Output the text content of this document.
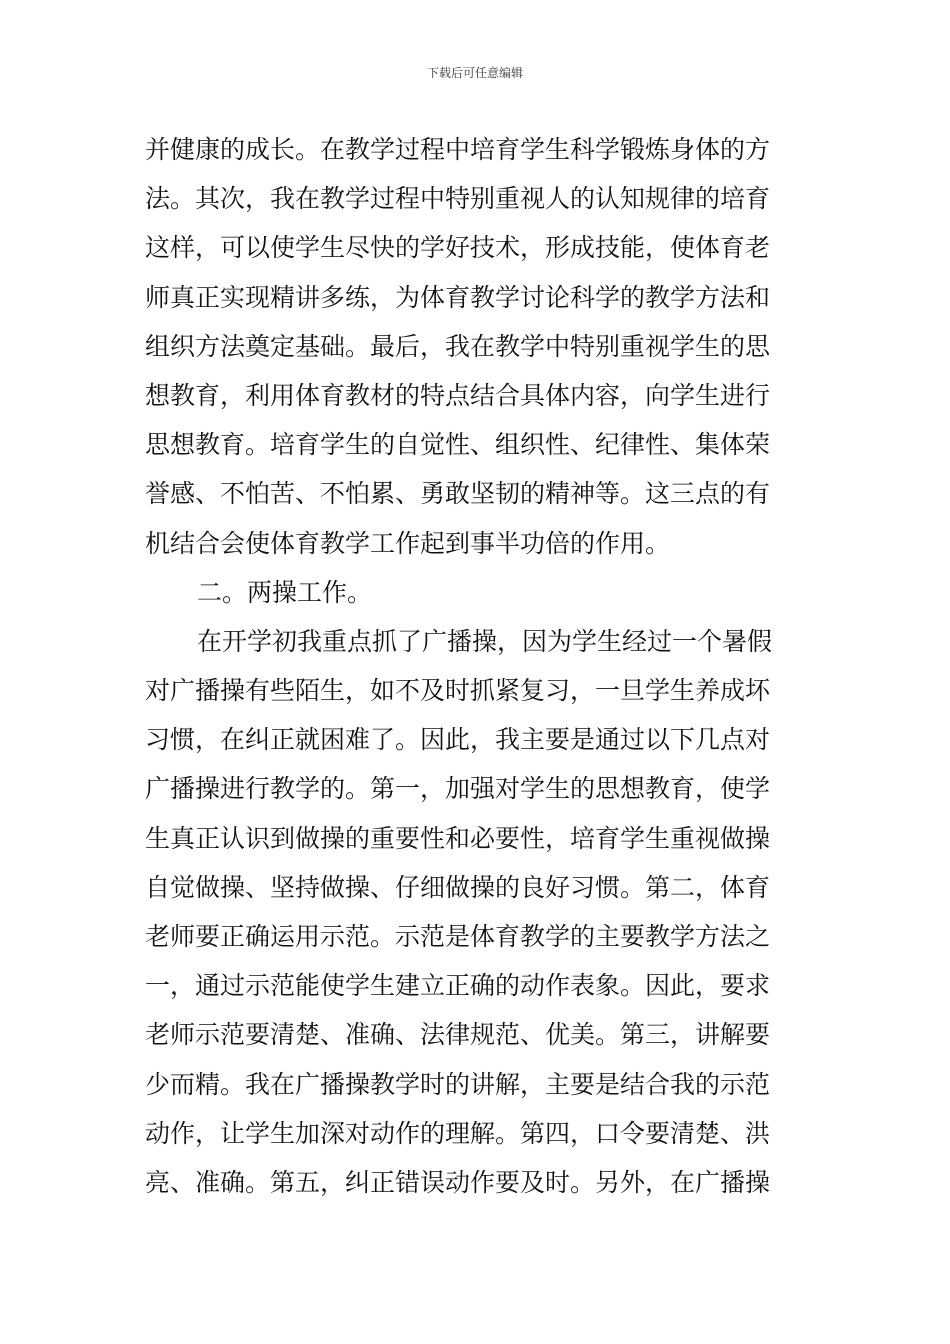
下载后可任意编辑
并健康的成长。在教学过程中培育学生科学锻炼身体的方
法。其次，我在教学过程中特别重视人的认知规律的培育
这样，可以使学生尽快的学好技术，形成技能，使体育老
师真正实现精讲多练，为体育教学讨论科学的教学方法和
组织方法奠定基础。最后，我在教学中特别重视学生的思
想教育，利用体育教材的特点结合具体内容，向学生进行
思想教育。培育学生的自觉性、组织性、纪律性、集体荣
誉感、不怕苦、不怕累、勇敢坚韧的精神等。这三点的有
机结合会使体育教学工作起到事半功倍的作用。
二。两操工作。
在开学初我重点抓了广播操，因为学生经过一个暑假
对广播操有些陌生，如不及时抓紧复习，一旦学生养成坏
习惯，在纠正就困难了。因此，我主要是通过以下几点对
广播操进行教学的。第一，加强对学生的思想教育，使学
生真正认识到做操的重要性和必要性，培育学生重视做操
自觉做操、坚持做操、仔细做操的良好习惯。第二，体育
老师要正确运用示范。示范是体育教学的主要教学方法之
一，通过示范能使学生建立正确的动作表象。因此，要求
老师示范要清楚、准确、法律规范、优美。第三，讲解要
少而精。我在广播操教学时的讲解，主要是结合我的示范
动作，让学生加深对动作的理解。第四，口令要清楚、洪
亮、准确。第五，纠正错误动作要及时。另外，在广播操
